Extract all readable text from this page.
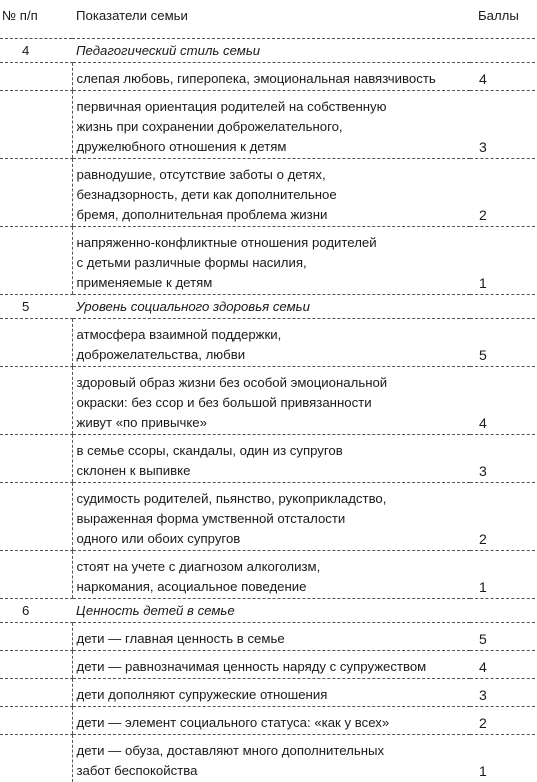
№ п/п	Показатели семьи	Баллы
4	Педагогический стиль семьи	
	слепая любовь, гиперопека, эмоциональная навязчивость	4
	первичная ориентация родителей на собственную
жизнь при сохранении доброжелательного,
дружелюбного отношения к детям	3
	равнодушие, отсутствие заботы о детях,
безнадзорность, дети как дополнительное
бремя, дополнительная проблема жизни	2
	напряженно-конфликтные отношения родителей
с детьми различные формы насилия,
применяемые к детям	1
5	Уровень социального здоровья семьи	
	атмосфера взаимной поддержки,
доброжелательства, любви	5
	здоровый образ жизни без особой эмоциональной
окраски: без ссор и без большой привязанности
живут «по привычке»	4
	в семье ссоры, скандалы, один из супругов
склонен к выпивке	3
	судимость родителей, пьянство, рукоприкладство,
выраженная форма умственной отсталости
одного или обоих супругов	2
	стоят на учете с диагнозом алкоголизм,
наркомания, асоциальное поведение	1
6	Ценность детей в семье	
	дети — главная ценность в семье	5
	дети — равнозначимая ценность наряду с супружеством	4
	дети дополняют супружеские отношения	3
	дети — элемент социального статуса: «как у всех»	2
	дети — обуза, доставляют много дополнительных
забот беспокойства	1
